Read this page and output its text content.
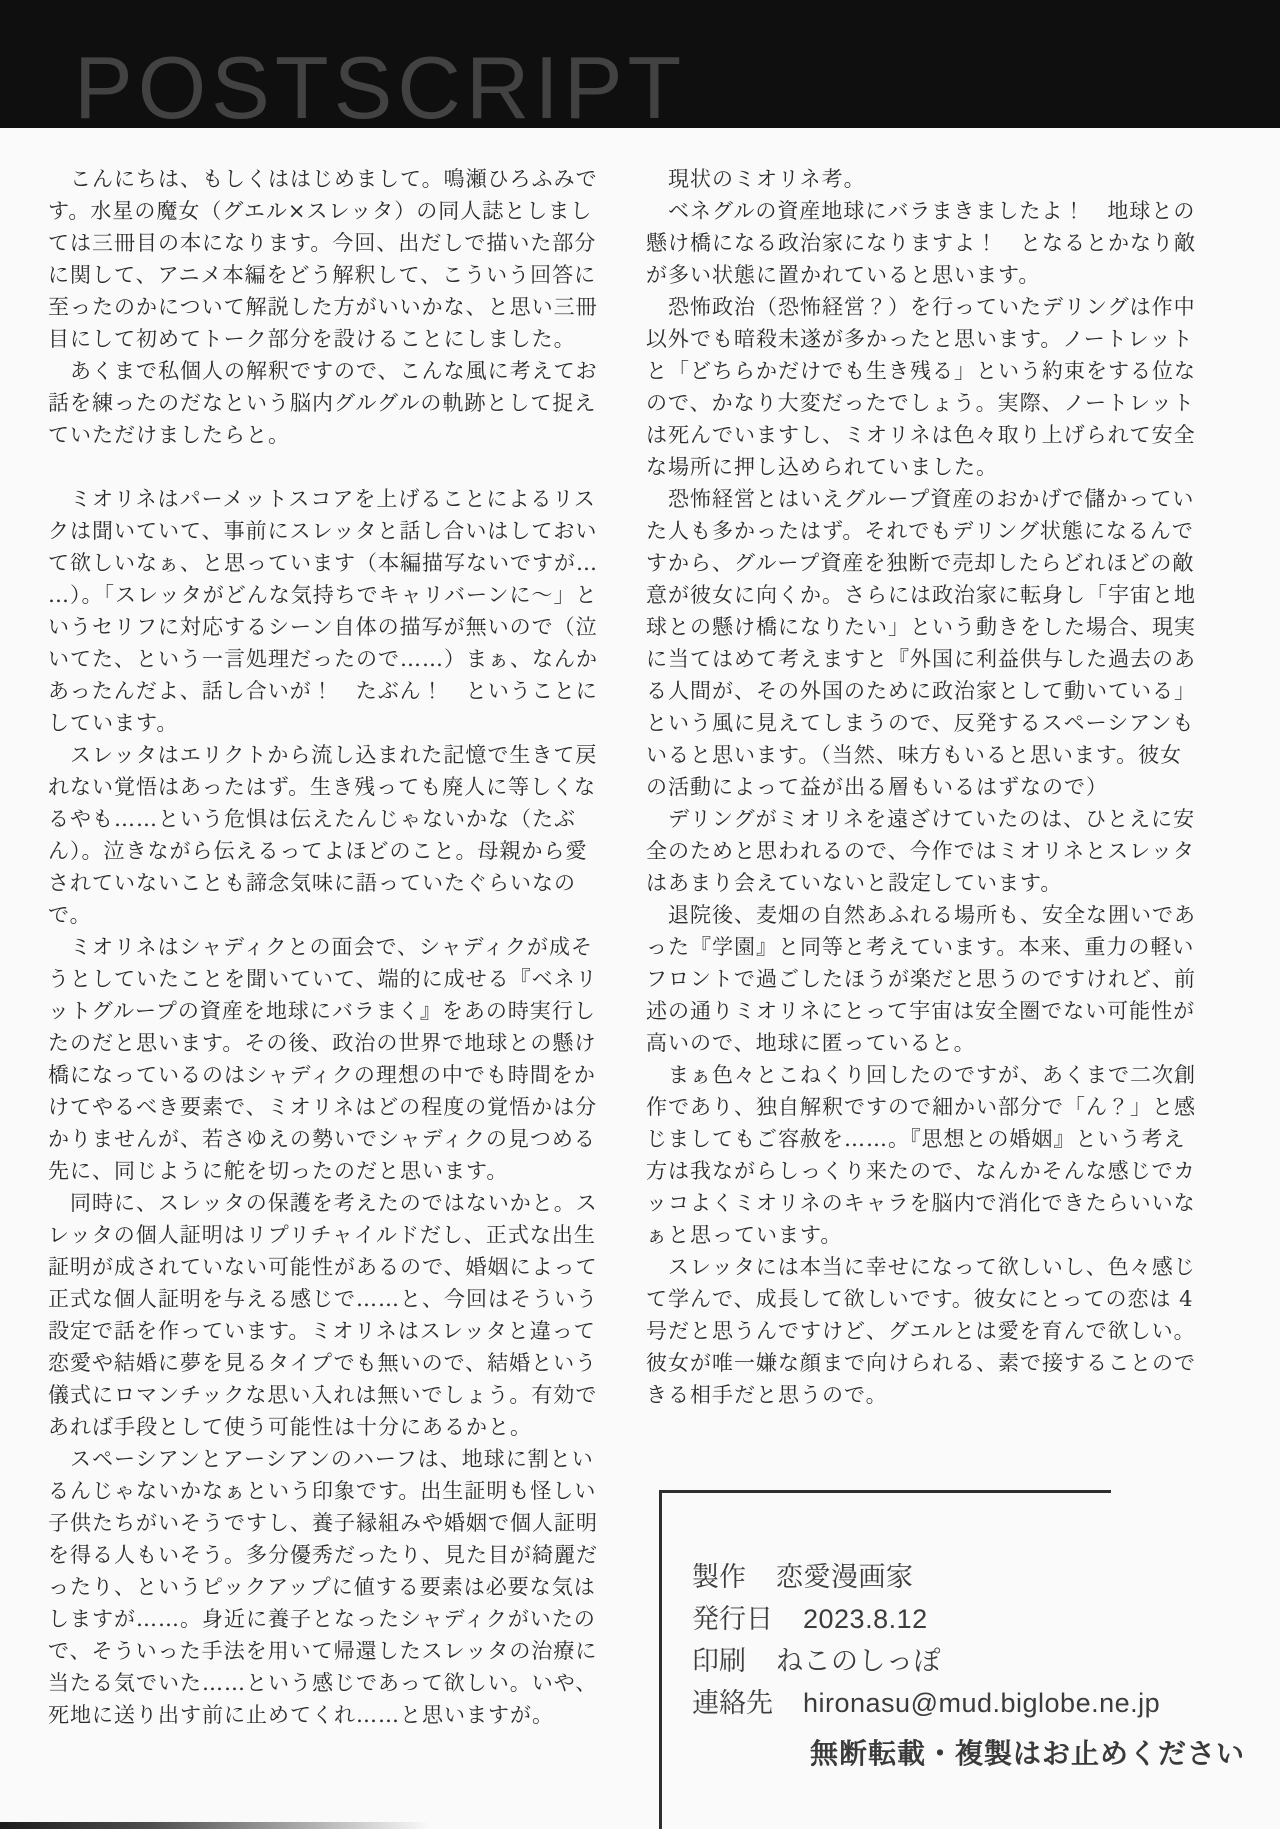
POSTSCRIPT
　こんにちは、もしくははじめまして。鳴瀬ひろふみで
す。水星の魔女（グエル×スレッタ）の同人誌としまし
ては三冊目の本になります。今回、出だしで描いた部分
に関して、アニメ本編をどう解釈して、こういう回答に
至ったのかについて解説した方がいいかな、と思い三冊
目にして初めてトーク部分を設けることにしました。
　あくまで私個人の解釈ですので、こんな風に考えてお
話を練ったのだなという脳内グルグルの軌跡として捉え
ていただけましたらと。
　ミオリネはパーメットスコアを上げることによるリス
クは聞いていて、事前にスレッタと話し合いはしておい
て欲しいなぁ、と思っています（本編描写ないですが…
…）。「スレッタがどんな気持ちでキャリバーンに～」と
いうセリフに対応するシーン自体の描写が無いので（泣
いてた、という一言処理だったので……）まぁ、なんか
あったんだよ、話し合いが！　たぶん！　ということに
しています。
　スレッタはエリクトから流し込まれた記憶で生きて戻
れない覚悟はあったはず。生き残っても廃人に等しくな
るやも……という危惧は伝えたんじゃないかな（たぶ
ん）。泣きながら伝えるってよほどのこと。母親から愛
されていないことも諦念気味に語っていたぐらいなの
で。
　ミオリネはシャディクとの面会で、シャディクが成そ
うとしていたことを聞いていて、端的に成せる『ベネリ
ットグループの資産を地球にバラまく』をあの時実行し
たのだと思います。その後、政治の世界で地球との懸け
橋になっているのはシャディクの理想の中でも時間をか
けてやるべき要素で、ミオリネはどの程度の覚悟かは分
かりませんが、若さゆえの勢いでシャディクの見つめる
先に、同じように舵を切ったのだと思います。
　同時に、スレッタの保護を考えたのではないかと。ス
レッタの個人証明はリプリチャイルドだし、正式な出生
証明が成されていない可能性があるので、婚姻によって
正式な個人証明を与える感じで……と、今回はそういう
設定で話を作っています。ミオリネはスレッタと違って
恋愛や結婚に夢を見るタイプでも無いので、結婚という
儀式にロマンチックな思い入れは無いでしょう。有効で
あれば手段として使う可能性は十分にあるかと。
　スペーシアンとアーシアンのハーフは、地球に割とい
るんじゃないかなぁという印象です。出生証明も怪しい
子供たちがいそうですし、養子縁組みや婚姻で個人証明
を得る人もいそう。多分優秀だったり、見た目が綺麗だ
ったり、というピックアップに値する要素は必要な気は
しますが……。身近に養子となったシャディクがいたの
で、そういった手法を用いて帰還したスレッタの治療に
当たる気でいた……という感じであって欲しい。いや、
死地に送り出す前に止めてくれ……と思いますが。
　現状のミオリネ考。
　ベネグルの資産地球にバラまきましたよ！　地球との
懸け橋になる政治家になりますよ！　となるとかなり敵
が多い状態に置かれていると思います。
　恐怖政治（恐怖経営？）を行っていたデリングは作中
以外でも暗殺未遂が多かったと思います。ノートレット
と「どちらかだけでも生き残る」という約束をする位な
ので、かなり大変だったでしょう。実際、ノートレット
は死んでいますし、ミオリネは色々取り上げられて安全
な場所に押し込められていました。
　恐怖経営とはいえグループ資産のおかげで儲かってい
た人も多かったはず。それでもデリング状態になるんで
すから、グループ資産を独断で売却したらどれほどの敵
意が彼女に向くか。さらには政治家に転身し「宇宙と地
球との懸け橋になりたい」という動きをした場合、現実
に当てはめて考えますと『外国に利益供与した過去のあ
る人間が、その外国のために政治家として動いている」
という風に見えてしまうので、反発するスペーシアンも
いると思います。（当然、味方もいると思います。彼女
の活動によって益が出る層もいるはずなので）
　デリングがミオリネを遠ざけていたのは、ひとえに安
全のためと思われるので、今作ではミオリネとスレッタ
はあまり会えていないと設定しています。
　退院後、麦畑の自然あふれる場所も、安全な囲いであ
った『学園』と同等と考えています。本来、重力の軽い
フロントで過ごしたほうが楽だと思うのですけれど、前
述の通りミオリネにとって宇宙は安全圏でない可能性が
高いので、地球に匿っていると。
　まぁ色々とこねくり回したのですが、あくまで二次創
作であり、独自解釈ですので細かい部分で「ん？」と感
じましてもご容赦を……。『思想との婚姻』という考え
方は我ながらしっくり来たので、なんかそんな感じでカ
ッコよくミオリネのキャラを脳内で消化できたらいいな
ぁと思っています。
　スレッタには本当に幸せになって欲しいし、色々感じ
て学んで、成長して欲しいです。彼女にとっての恋は 4
号だと思うんですけど、グエルとは愛を育んで欲しい。
彼女が唯一嫌な顔まで向けられる、素で接することので
きる相手だと思うので。
製作 恋愛漫画家
発行日 2023.8.12
印刷 ねこのしっぽ
連絡先 hironasu@mud.biglobe.ne.jp
無断転載・複製はお止めください
